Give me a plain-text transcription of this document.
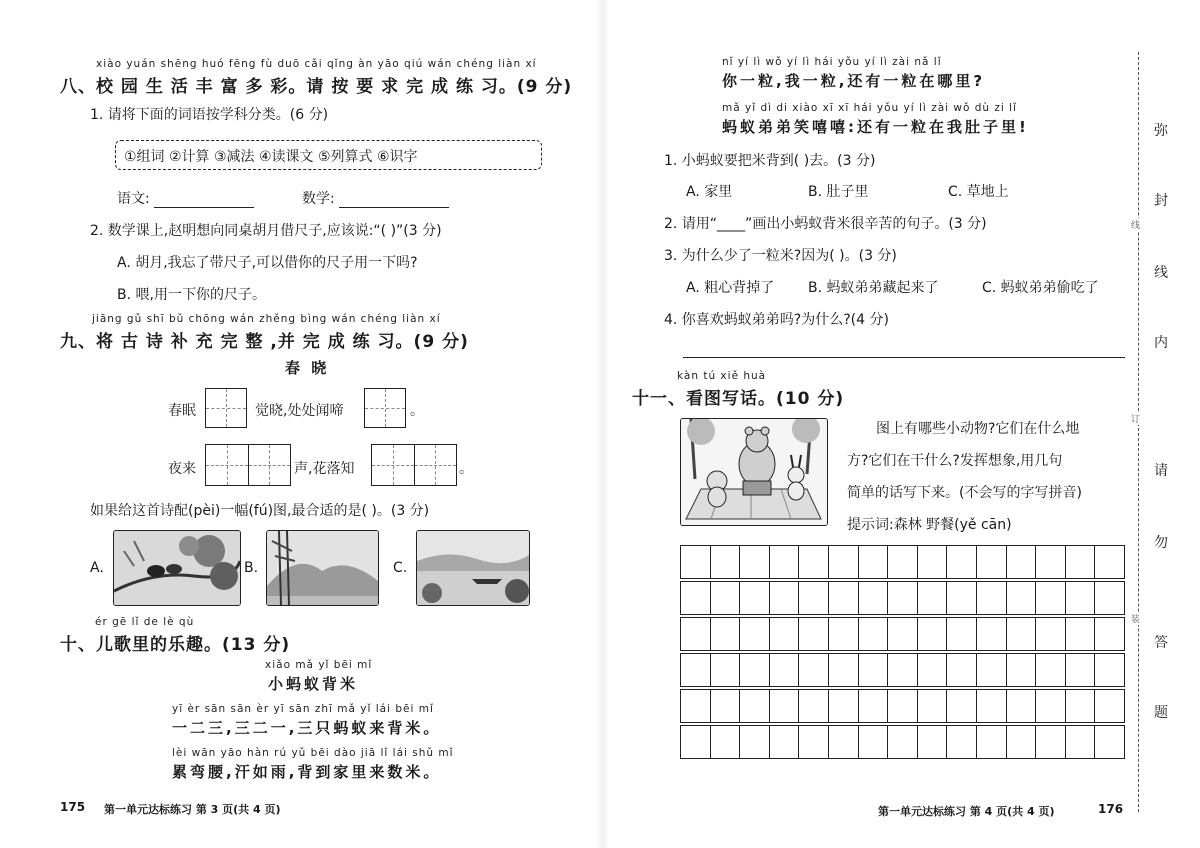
xiào yuán shēng huó fēng fù duō cǎi qǐng àn yāo qiú wán chéng liàn xí
八、校 园 生 活 丰 富 多 彩。请 按 要 求 完 成 练 习。(9 分)
1. 请将下面的词语按学科分类。(6 分)
①组词 ②计算 ③减法 ④读课文 ⑤列算式 ⑥识字
语文:	数学:
2. 数学课上,赵明想向同桌胡月借尺子,应该说:“( )”(3 分)
A. 胡月,我忘了带尺子,可以借你的尺子用一下吗?
B. 喂,用一下你的尺子。
jiāng gǔ shī bǔ chōng wán zhěng bìng wán chéng liàn xí
九、将 古 诗 补 充 完 整 ,并 完 成 练 习。(9 分)
春 晓
春眠	觉晓,处处闻啼	。
夜来	声,花落知	。
如果给这首诗配(pèi)一幅(fú)图,最合适的是( )。(3 分)
A.	B.	C.
ér gē lǐ de lè qù
十、儿歌里的乐趣。(13 分)
xiǎo mǎ yǐ bēi mǐ
小蚂蚁背米
yī èr sān sān èr yī sān zhī mǎ yǐ lái bēi mǐ
一二三,三二一,三只蚂蚁来背米。
lèi wān yāo hàn rú yǔ bēi dào jiā lǐ lái shǔ mǐ
累弯腰,汗如雨,背到家里来数米。
175 第一单元达标练习 第 3 页(共 4 页)
nǐ yí lì wǒ yí lì hái yǒu yí lì zài nǎ lǐ
你一粒,我一粒,还有一粒在哪里?
mǎ yǐ dì di xiào xī xī hái yǒu yí lì zài wǒ dù zi lǐ
蚂蚁弟弟笑嘻嘻:还有一粒在我肚子里!
1. 小蚂蚁要把米背到( )去。(3 分)
A. 家里	B. 肚子里	C. 草地上
2. 请用“____”画出小蚂蚁背米很辛苦的句子。(3 分)
3. 为什么少了一粒米?因为( )。(3 分)
A. 粗心背掉了 B. 蚂蚁弟弟藏起来了	C. 蚂蚁弟弟偷吃了
4. 你喜欢蚂蚁弟弟吗?为什么?(4 分)
kàn tú xiě huà
十一、看图写话。(10 分)
图上有哪些小动物?它们在什么地
方?它们在干什么?发挥想象,用几句
简单的话写下来。(不会写的字写拼音)
提示词:森林 野餐(yě cān)
第一单元达标练习 第 4 页(共 4 页)	176
弥
封
线
内
请
勿
答
题
线
订
装
